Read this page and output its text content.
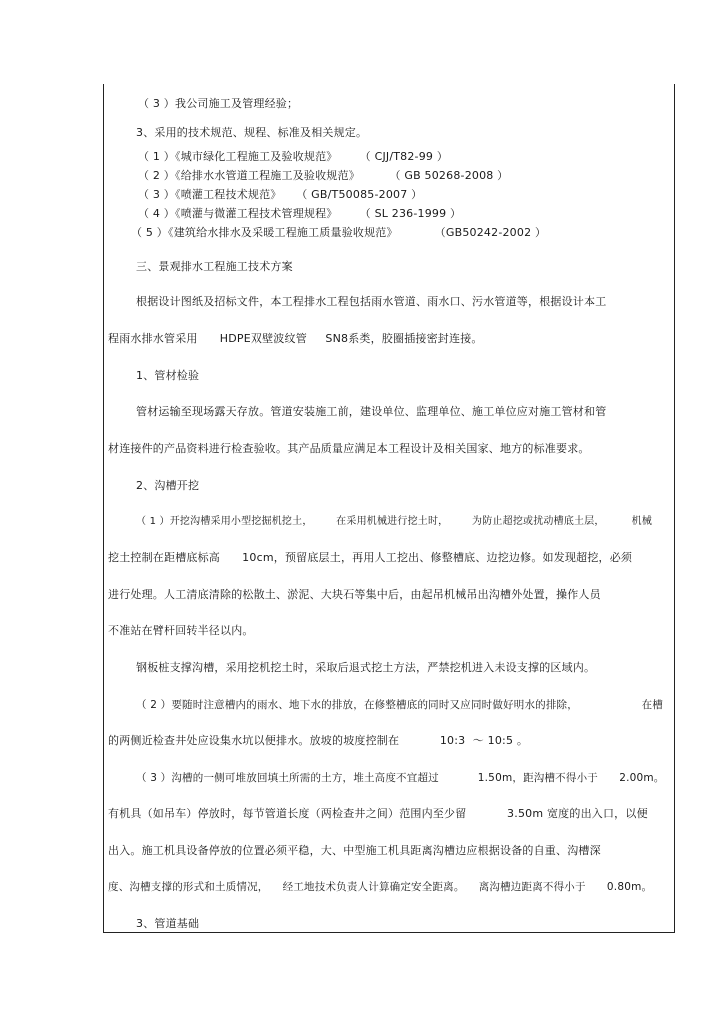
（ 3 ）我公司施工及管理经验；
3、采用的技术规范、规程、标准及相关规定。
（ 1 ）《城市绿化工程施工及验收规范》      （ CJJ/T82-99 ）
（ 2 ）《给排水水管道工程施工及验收规范》        （ GB 50268-2008 ）
（ 3 ）《喷灌工程技术规范》    （ GB/T50085-2007 ）
（ 4 ）《喷灌与微灌工程技术管理规程》      （ SL 236-1999 ）
（ 5 ）《建筑给水排水及采暖工程施工质量验收规范》          （GB50242-2002 ）
三、景观排水工程施工技术方案
根据设计图纸及招标文件，本工程排水工程包括雨水管道、雨水口、污水管道等，根据设计本工
程雨水排水管采用      HDPE双壁波纹管     SN8系类，胶圈插接密封连接。
1、管材检验
管材运输至现场露天存放。管道安装施工前，建设单位、监理单位、施工单位应对施工管材和管
材连接件的产品资料进行检查验收。其产品质量应满足本工程设计及相关国家、地方的标准要求。
2、沟槽开挖
（ 1 ）开挖沟槽采用小型挖掘机挖土，       在采用机械进行挖土时，       为防止超挖或扰动槽底土层，        机械
挖土控制在距槽底标高      10cm，预留底层土，再用人工挖出、修整槽底、边挖边修。如发现超挖，必须
进行处理。人工清底清除的松散土、淤泥、大块石等集中后，由起吊机械吊出沟槽外处置，操作人员
不准站在臂杆回转半径以内。
钢板桩支撑沟槽，采用挖机挖土时，采取后退式挖土方法，严禁挖机进入未设支撑的区域内。
（ 2 ）要随时注意槽内的雨水、地下水的排放，在修整槽底的同时又应同时做好明水的排除，                  在槽
的两侧近检查井处应设集水坑以便排水。放坡的坡度控制在           10:3  ～ 10:5 。
（ 3 ）沟槽的一侧可堆放回填土所需的土方，堆土高度不宜超过           1.50m，距沟槽不得小于      2.00m。
有机具（如吊车）停放时，每节管道长度（两检查井之间）范围内至少留           3.50m 宽度的出入口，以便
出入。施工机具设备停放的位置必须平稳，大、中型施工机具距离沟槽边应根据设备的自重、沟槽深
度、沟槽支撑的形式和土质情况，    经工地技术负责人计算确定安全距离。    离沟槽边距离不得小于      0.80m。
3、管道基础
